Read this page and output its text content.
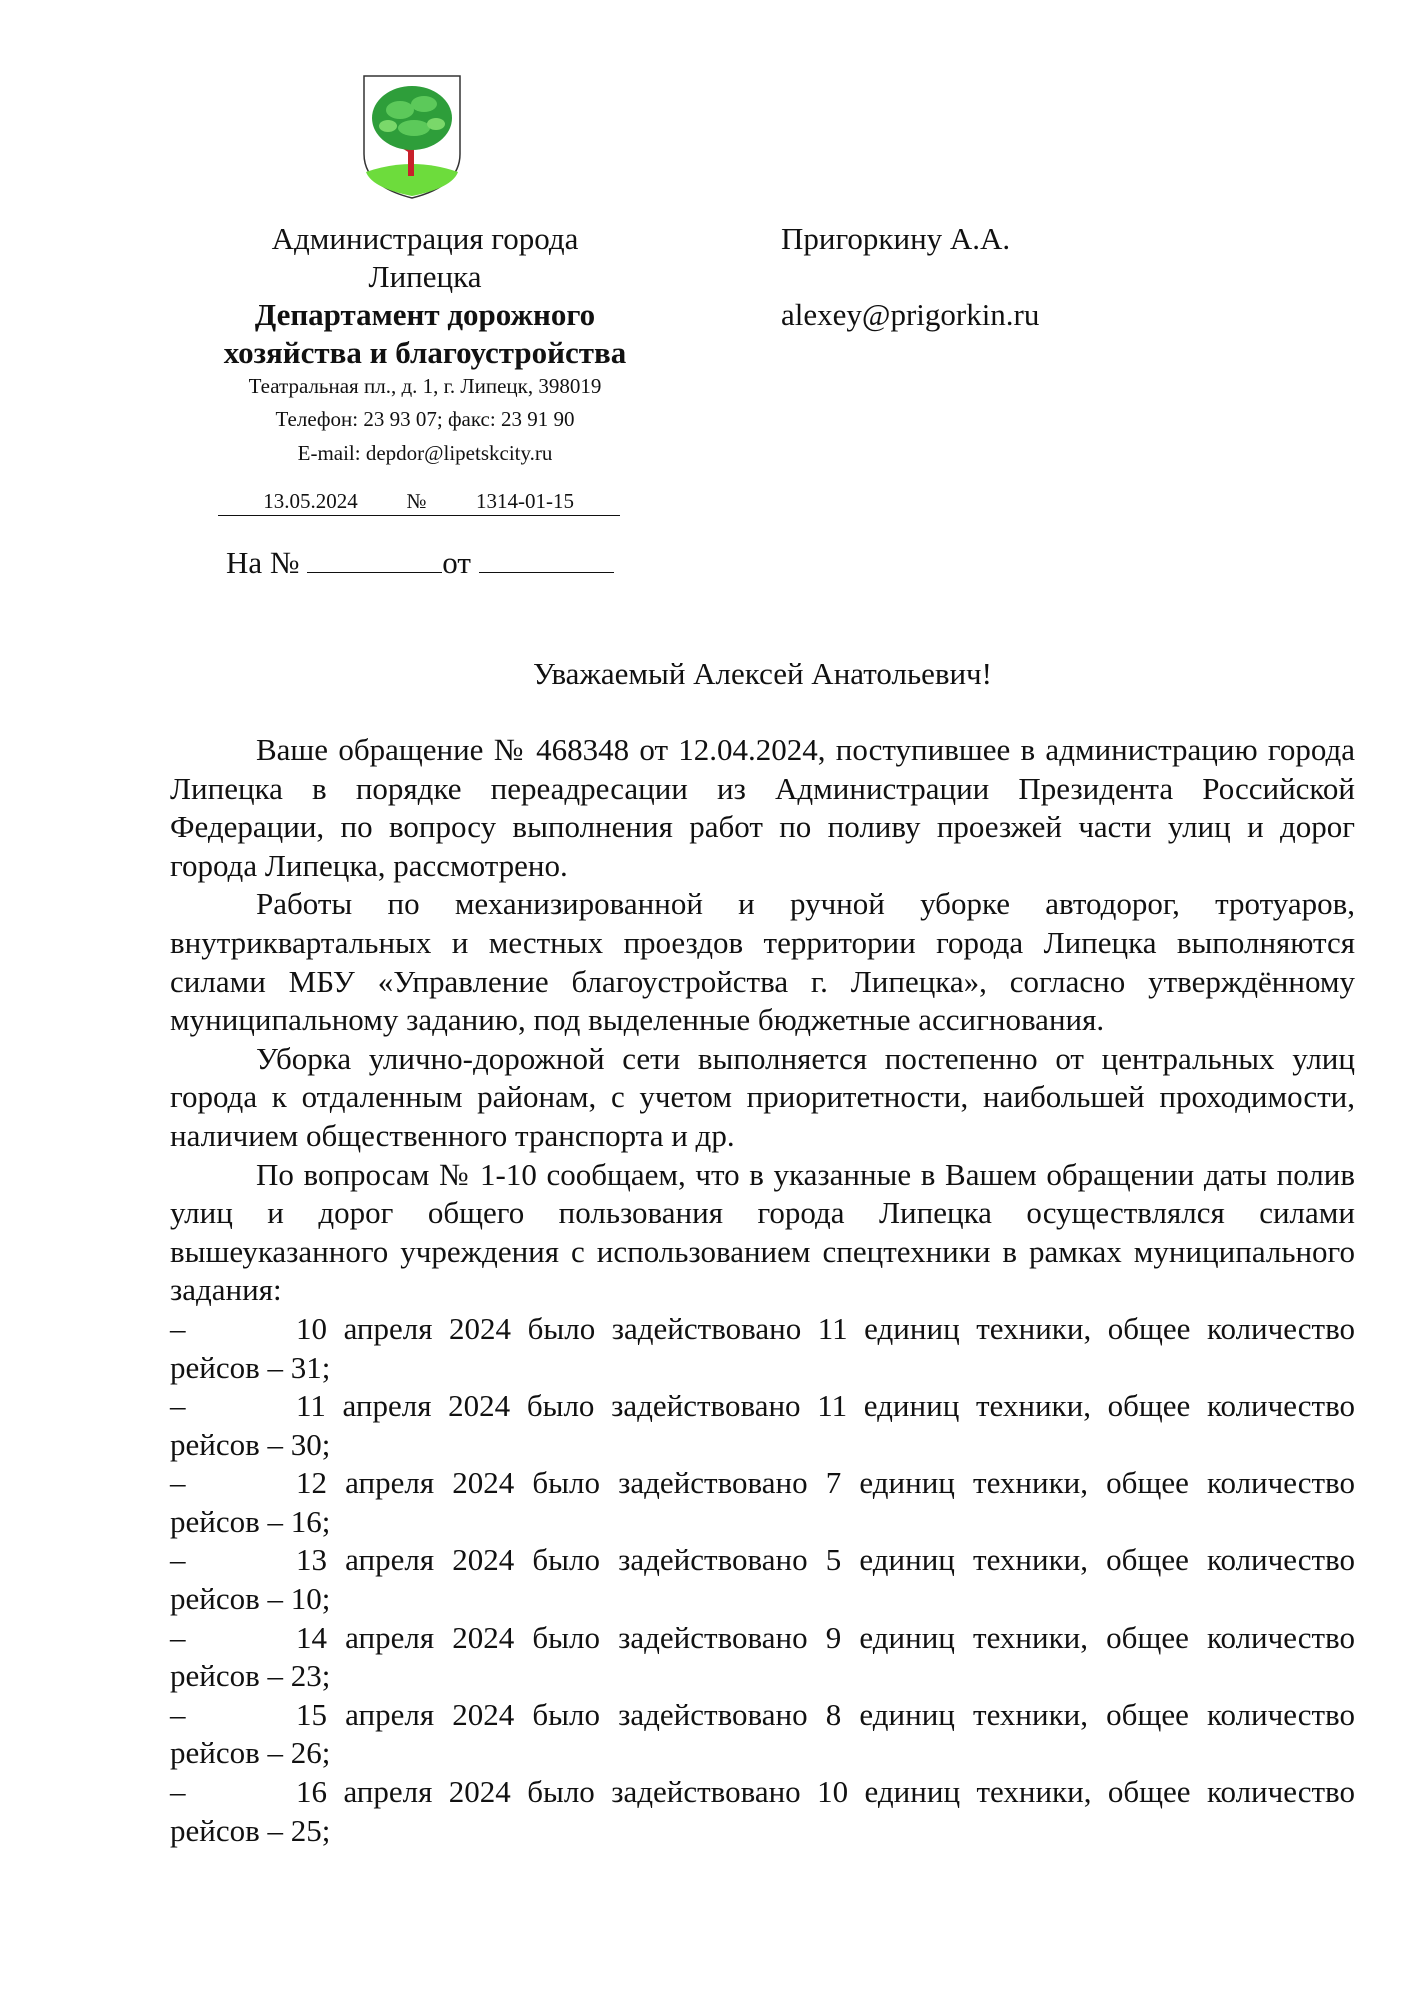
Администрация города
Липецка
Департамент дорожного
хозяйства и благоустройства
Театральная пл., д. 1, г. Липецк, 398019
Телефон: 23 93 07; факс: 23 91 90
E-mail: depdor@lipetskcity.ru
13.05.2024 № 1314-01-15
На №	от
Пригоркину А.А.
alexey@prigorkin.ru
Уважаемый Алексей Анатольевич!

Ваше обращение № 468348 от 12.04.2024, поступившее в администрацию города Липецка в порядке переадресации из Администрации Президента Российской Федерации, по вопросу выполнения работ по поливу проезжей части улиц и дорог города Липецка, рассмотрено.

Работы по механизированной и ручной уборке автодорог, тротуаров, внутриквартальных и местных проездов территории города Липецка выполняются силами МБУ «Управление благоустройства г. Липецка», согласно утверждённому муниципальному заданию, под выделенные бюджетные ассигнования.

Уборка улично-дорожной сети выполняется постепенно от центральных улиц города к отдаленным районам, с учетом приоритетности, наибольшей проходимости, наличием общественного транспорта и др.

По вопросам № 1-10 сообщаем, что в указанные в Вашем обращении даты полив улиц и дорог общего пользования города Липецка осуществлялся силами вышеуказанного учреждения с использованием спецтехники в рамках муниципального задания:

–	10 апреля 2024 было задействовано 11 единиц техники, общее количество рейсов – 31;
–	11 апреля 2024 было задействовано 11 единиц техники, общее количество рейсов – 30;
–	12 апреля 2024 было задействовано 7 единиц техники, общее количество рейсов – 16;
–	13 апреля 2024 было задействовано 5 единиц техники, общее количество рейсов – 10;
–	14 апреля 2024 было задействовано 9 единиц техники, общее количество рейсов – 23;
–	15 апреля 2024 было задействовано 8 единиц техники, общее количество рейсов – 26;
–	16 апреля 2024 было задействовано 10 единиц техники, общее количество рейсов – 25;
